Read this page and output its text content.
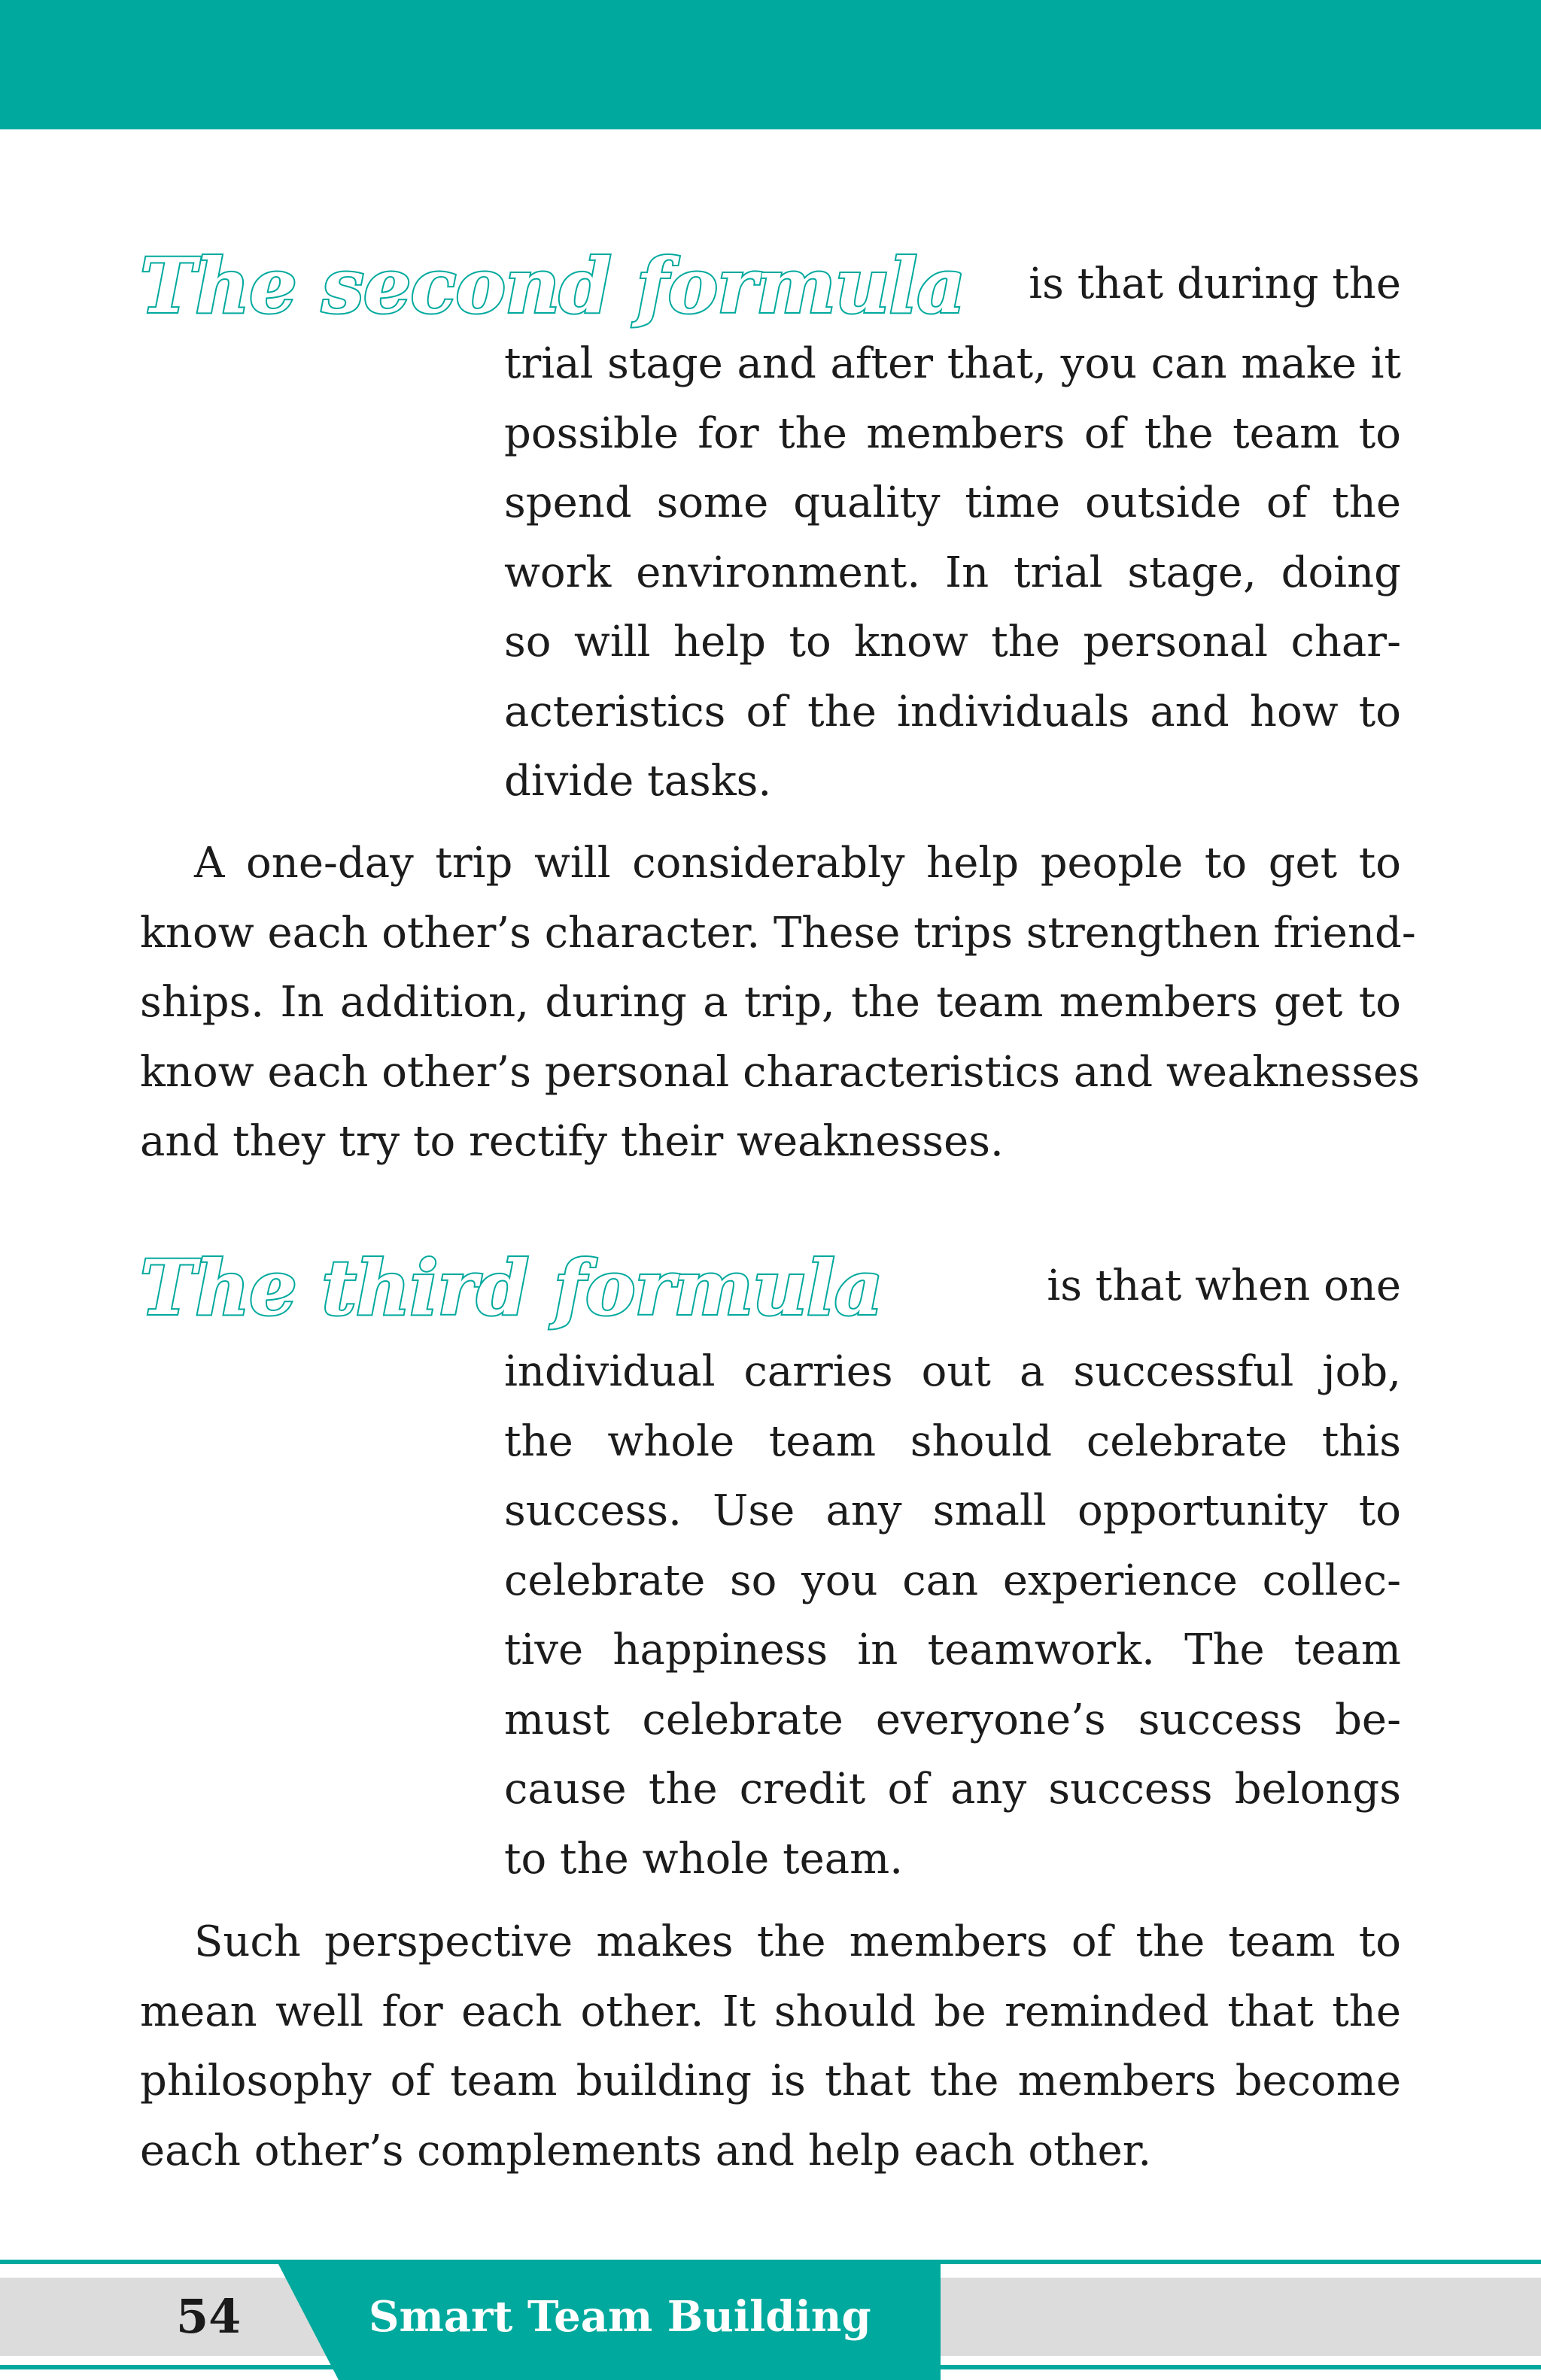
The second formula is that during the
trial stage and after that, you can make it
possible for the members of the team to
spend some quality time outside of the
work environment. In trial stage, doing
so will help to know the personal char-
acteristics of the individuals and how to
divide tasks.
A one-day trip will considerably help people to get to
know each other’s character. These trips strengthen friend-
ships. In addition, during a trip, the team members get to
know each other’s personal characteristics and weaknesses
and they try to rectify their weaknesses.
The third formula	is that when one
individual carries out a successful job,
the whole team should celebrate this
success. Use any small opportunity to
celebrate so you can experience collec-
tive happiness in teamwork. The team
must celebrate everyone’s success be-
cause the credit of any success belongs
to the whole team.
Such perspective makes the members of the team to
mean well for each other. It should be reminded that the
philosophy of team building is that the members become
each other’s complements and help each other.
54	Smart Team Building
